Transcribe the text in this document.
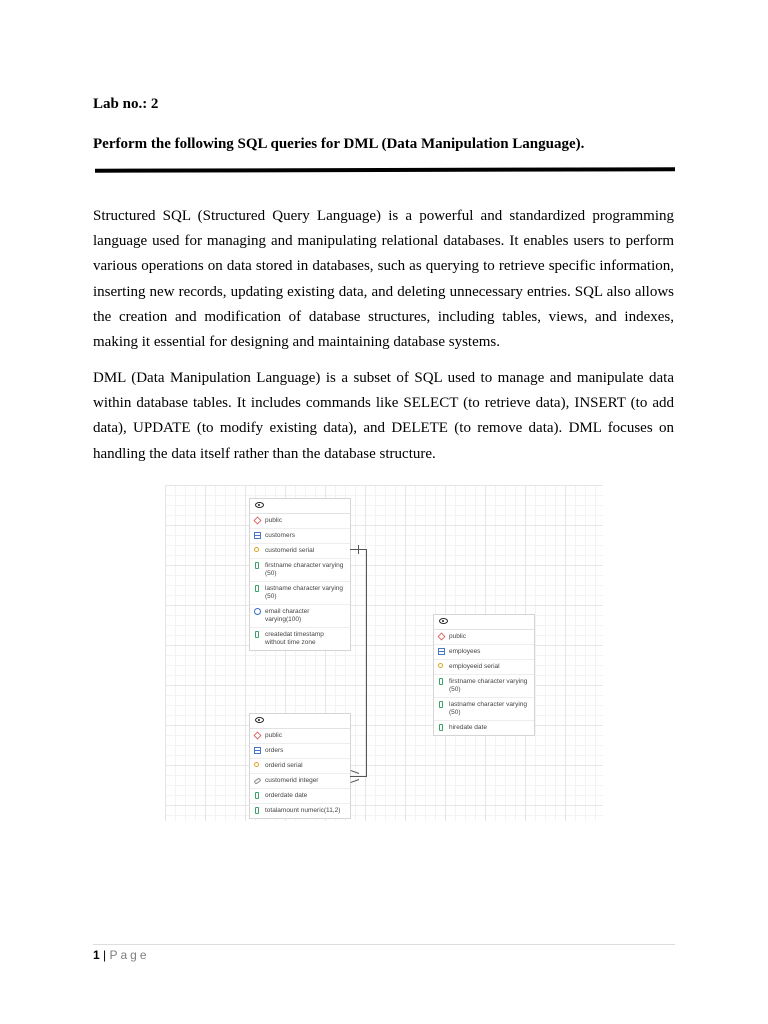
Lab no.: 2

Perform the following SQL queries for DML (Data Manipulation Language).

Structured SQL (Structured Query Language) is a powerful and standardized programming language used for managing and manipulating relational databases. It enables users to perform various operations on data stored in databases, such as querying to retrieve specific information, inserting new records, updating existing data, and deleting unnecessary entries. SQL also allows the creation and modification of database structures, including tables, views, and indexes, making it essential for designing and maintaining database systems.

DML (Data Manipulation Language) is a subset of SQL used to manage and manipulate data within database tables. It includes commands like SELECT (to retrieve data), INSERT (to add data), UPDATE (to modify existing data), and DELETE (to remove data). DML focuses on handling the data itself rather than the database structure.

public
customers
customerid serial
firstname character varying (50)
lastname character varying (50)
email character varying(100)
createdat timestamp without time zone
public
employees
employeeid serial
firstname character varying (50)
lastname character varying (50)
hiredate date
public
orders
orderid serial
customerid integer
orderdate date
totalamount numeric(11,2)
1 | Page
